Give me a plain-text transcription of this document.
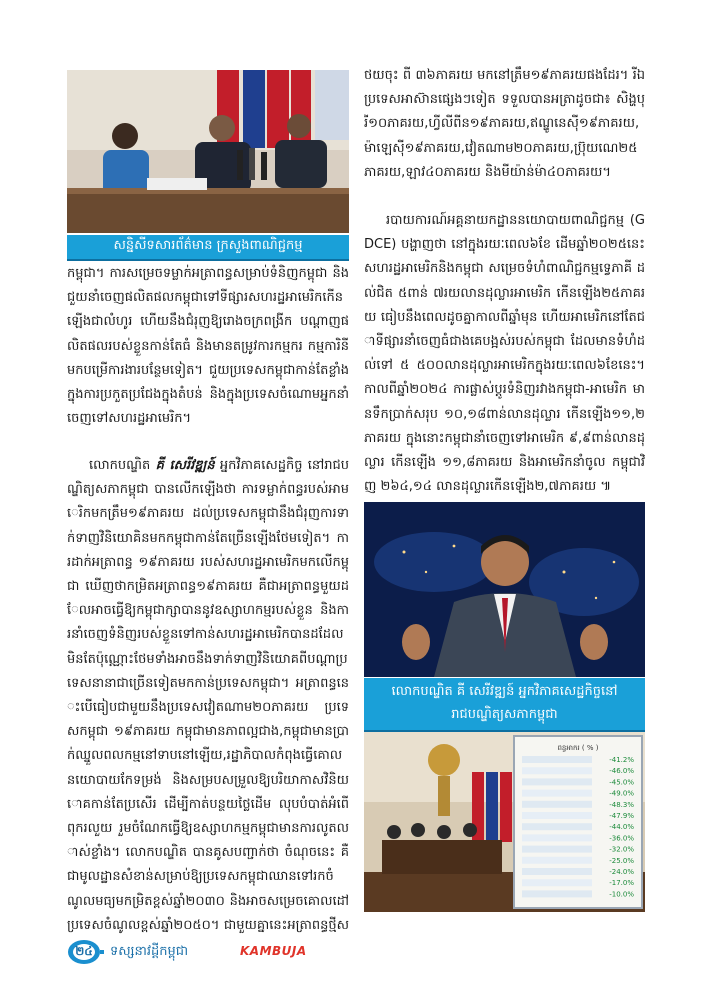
សន្និសីទសារព័ត៌មាន ក្រសួងពាណិជ្ជកម្ម

កម្ពុជា។ ការសម្រេចទម្លាក់អត្រាពន្ធសម្រាប់ទំនិញកម្ពុជា និងជួយនាំចេញផលិតផលកម្ពុជាទៅទីផ្សារសហរដ្ឋអាមេរិកកើនឡើងជាលំហូរ ហើយនឹងជំរុញឱ្យរោងចក្រពង្រីក បណ្តាញផលិតផលរបស់ខ្លួនកាន់តែធំ និងមានតម្រូវការកម្មករ កម្មការិនីមកបម្រើការងារបន្ថែមទៀត។ ជួយប្រទេសកម្ពុជាកាន់តែខ្លាំងក្នុងការប្រកួតប្រជែងក្នុងតំបន់ និងក្នុងប្រទេសចំណោមអ្នកនាំចេញទៅសហរដ្ឋអាមេរិក។

លោកបណ្ឌិត គី សេរីវឌ្ឍន៍ អ្នកវិភាគសេដ្ឋកិច្ច នៅរាជបណ្ឌិត្យសភាកម្ពុជា បានលើកឡើងថា ការទម្លាក់ពន្ធរបស់អាមេរិកមកត្រឹម១៩ភាគរយ ដល់ប្រទេសកម្ពុជានឹងជំរុញការទាក់ទាញវិនិយោគិនមកកម្ពុជាកាន់តែច្រើនឡើងថែមទៀត។ ការដាក់អត្រាពន្ធ ១៩ភាគរយ របស់សហរដ្ឋអាមេរិកមកលើកម្ពុជា ឃើញថាកម្រិតអត្រាពន្ធ១៩ភាគរយ គឺជាអត្រាពន្ធមួយដែលអាចធ្វើឱ្យកម្ពុជាក្សាបាននូវឧស្សាហកម្មរបស់ខ្លួន និងការនាំចេញទំនិញរបស់ខ្លួនទៅកាន់សហរដ្ឋអាមេរិកបានដដែល មិនតែប៉ុណ្ណោះថែមទាំងអាចនឹងទាក់ទាញវិនិយោគពីបណ្តាប្រទេសនានាជាច្រើនទៀតមកកាន់ប្រទេសកម្ពុជា។ អត្រាពន្ធនេះបើធៀបជាមួយនឹងប្រទេសវៀតណាម២០ភាគរយ ប្រទេសកម្ពុជា ១៩ភាគរយ កម្ពុជាមានភាពល្អជាង,កម្ពុជាមានប្រាក់ឈ្នួលពលកម្មនៅទាបនៅឡើយ,រដ្ឋាភិបាលកំពុងធ្វើគោលនយោបាយកែទម្រង់ និងសម្របសម្រួលឱ្យបរិយាកាសវិនិយោគកាន់តែប្រសើរ ដើម្បីកាត់បន្ថយថ្លៃដើម លុបបំបាត់អំពើពុករលួយ រួមចំណែកធ្វើឱ្យឧស្សាហកម្មកម្ពុជាមានការលូតលាស់ខ្លាំង។ លោកបណ្ឌិត បានគូសបញ្ជាក់ថា ចំណុចនេះ គឺជាមូលដ្ឋានសំខាន់សម្រាប់ឱ្យប្រទេសកម្ពុជាឈានទៅរកចំណូលមធ្យមកម្រិតខ្ពស់ឆ្នាំ២០៣០ និងអាចសម្រេចគោលដៅប្រទេសចំណូលខ្ពស់ឆ្នាំ២០៥០។ ជាមួយគ្នានេះអត្រាពន្ធថ្មីស

ថយចុះ ពី ៣៦ភាគរយ មកនៅត្រឹម១៩ភាគរយផងដែរ។ រីឯប្រទេសអាស៊ានផ្សេងៗទៀត ទទួលបានអត្រាដូចជា៖ សិង្ហបុរី១០ភាគរយ,ហ្វីលីពីន១៩ភាគរយ,ឥណ្ឌូនេស៊ី១៩ភាគរយ, ម៉ាឡេស៊ី១៩ភាគរយ,វៀតណាម២០ភាគរយ,ប្រ៊ុយណេ២៥ភាគរយ,ឡាវ៤០ភាគរយ និងមីយ៉ាន់ម៉ា៤០ភាគរយ។

របាយការណ៍អគ្គនាយកដ្ឋាននយោបាយពាណិជ្ជកម្ម (GDCE) បង្ហាញថា នៅក្នុងរយៈពេល៦ខែ ដើមឆ្នាំ២០២៥នេះ សហរដ្ឋអាមេរិកនិងកម្ពុជា សម្រេចទំហំពាណិជ្ជកម្មទ្វេភាគី ដល់ជិត ៥ពាន់ ៧រយលានដុល្លារអាមេរិក កើនឡើង២៥ភាគរយ ធៀបនឹងពេលដូចគ្នាកាលពីឆ្នាំមុន ហើយអាមេរិកនៅតែជាទីផ្សារនាំចេញធំជាងគេបង្អស់របស់កម្ពុជា ដែលមានទំហំដល់ទៅ ៥ ៥០០លានដុល្លារអាមេរិកក្នុងរយៈពេល៦ខែនេះ។ កាលពីឆ្នាំ២០២៤ ការផ្លាស់ប្តូរទំនិញរវាងកម្ពុជា-អាមេរិក មានទឹកប្រាក់សរុប ១០,១៨ពាន់លានដុល្លារ កើនឡើង១១,២ភាគរយ ក្នុងនោះកម្ពុជានាំចេញទៅអាមេរិក ៩,៩ពាន់លានដុល្លារ កើនឡើង ១១,៨ភាគរយ និងអាមេរិកនាំចូល កម្ពុជាវិញ ២៦៤,១៤ លានដុល្លារកើនឡើង២,៧ភាគរយ ៕

លោកបណ្ឌិត គី សេរីវឌ្ឍន៍ អ្នកវិភាគសេដ្ឋកិច្ចនៅ
រាជបណ្ឌិត្យសភាកម្ពុជា
ពន្ធអាករ ( % )
-41.2%
-46.0%
-45.0%
-49.0%
-48.3%
-47.9%
-44.0%
-36.0%
-32.0%
-25.0%
-24.0%
-17.0%
-10.0%
២៤ ទស្សនាវដ្តីកម្ពុជា	KAMBUJA
